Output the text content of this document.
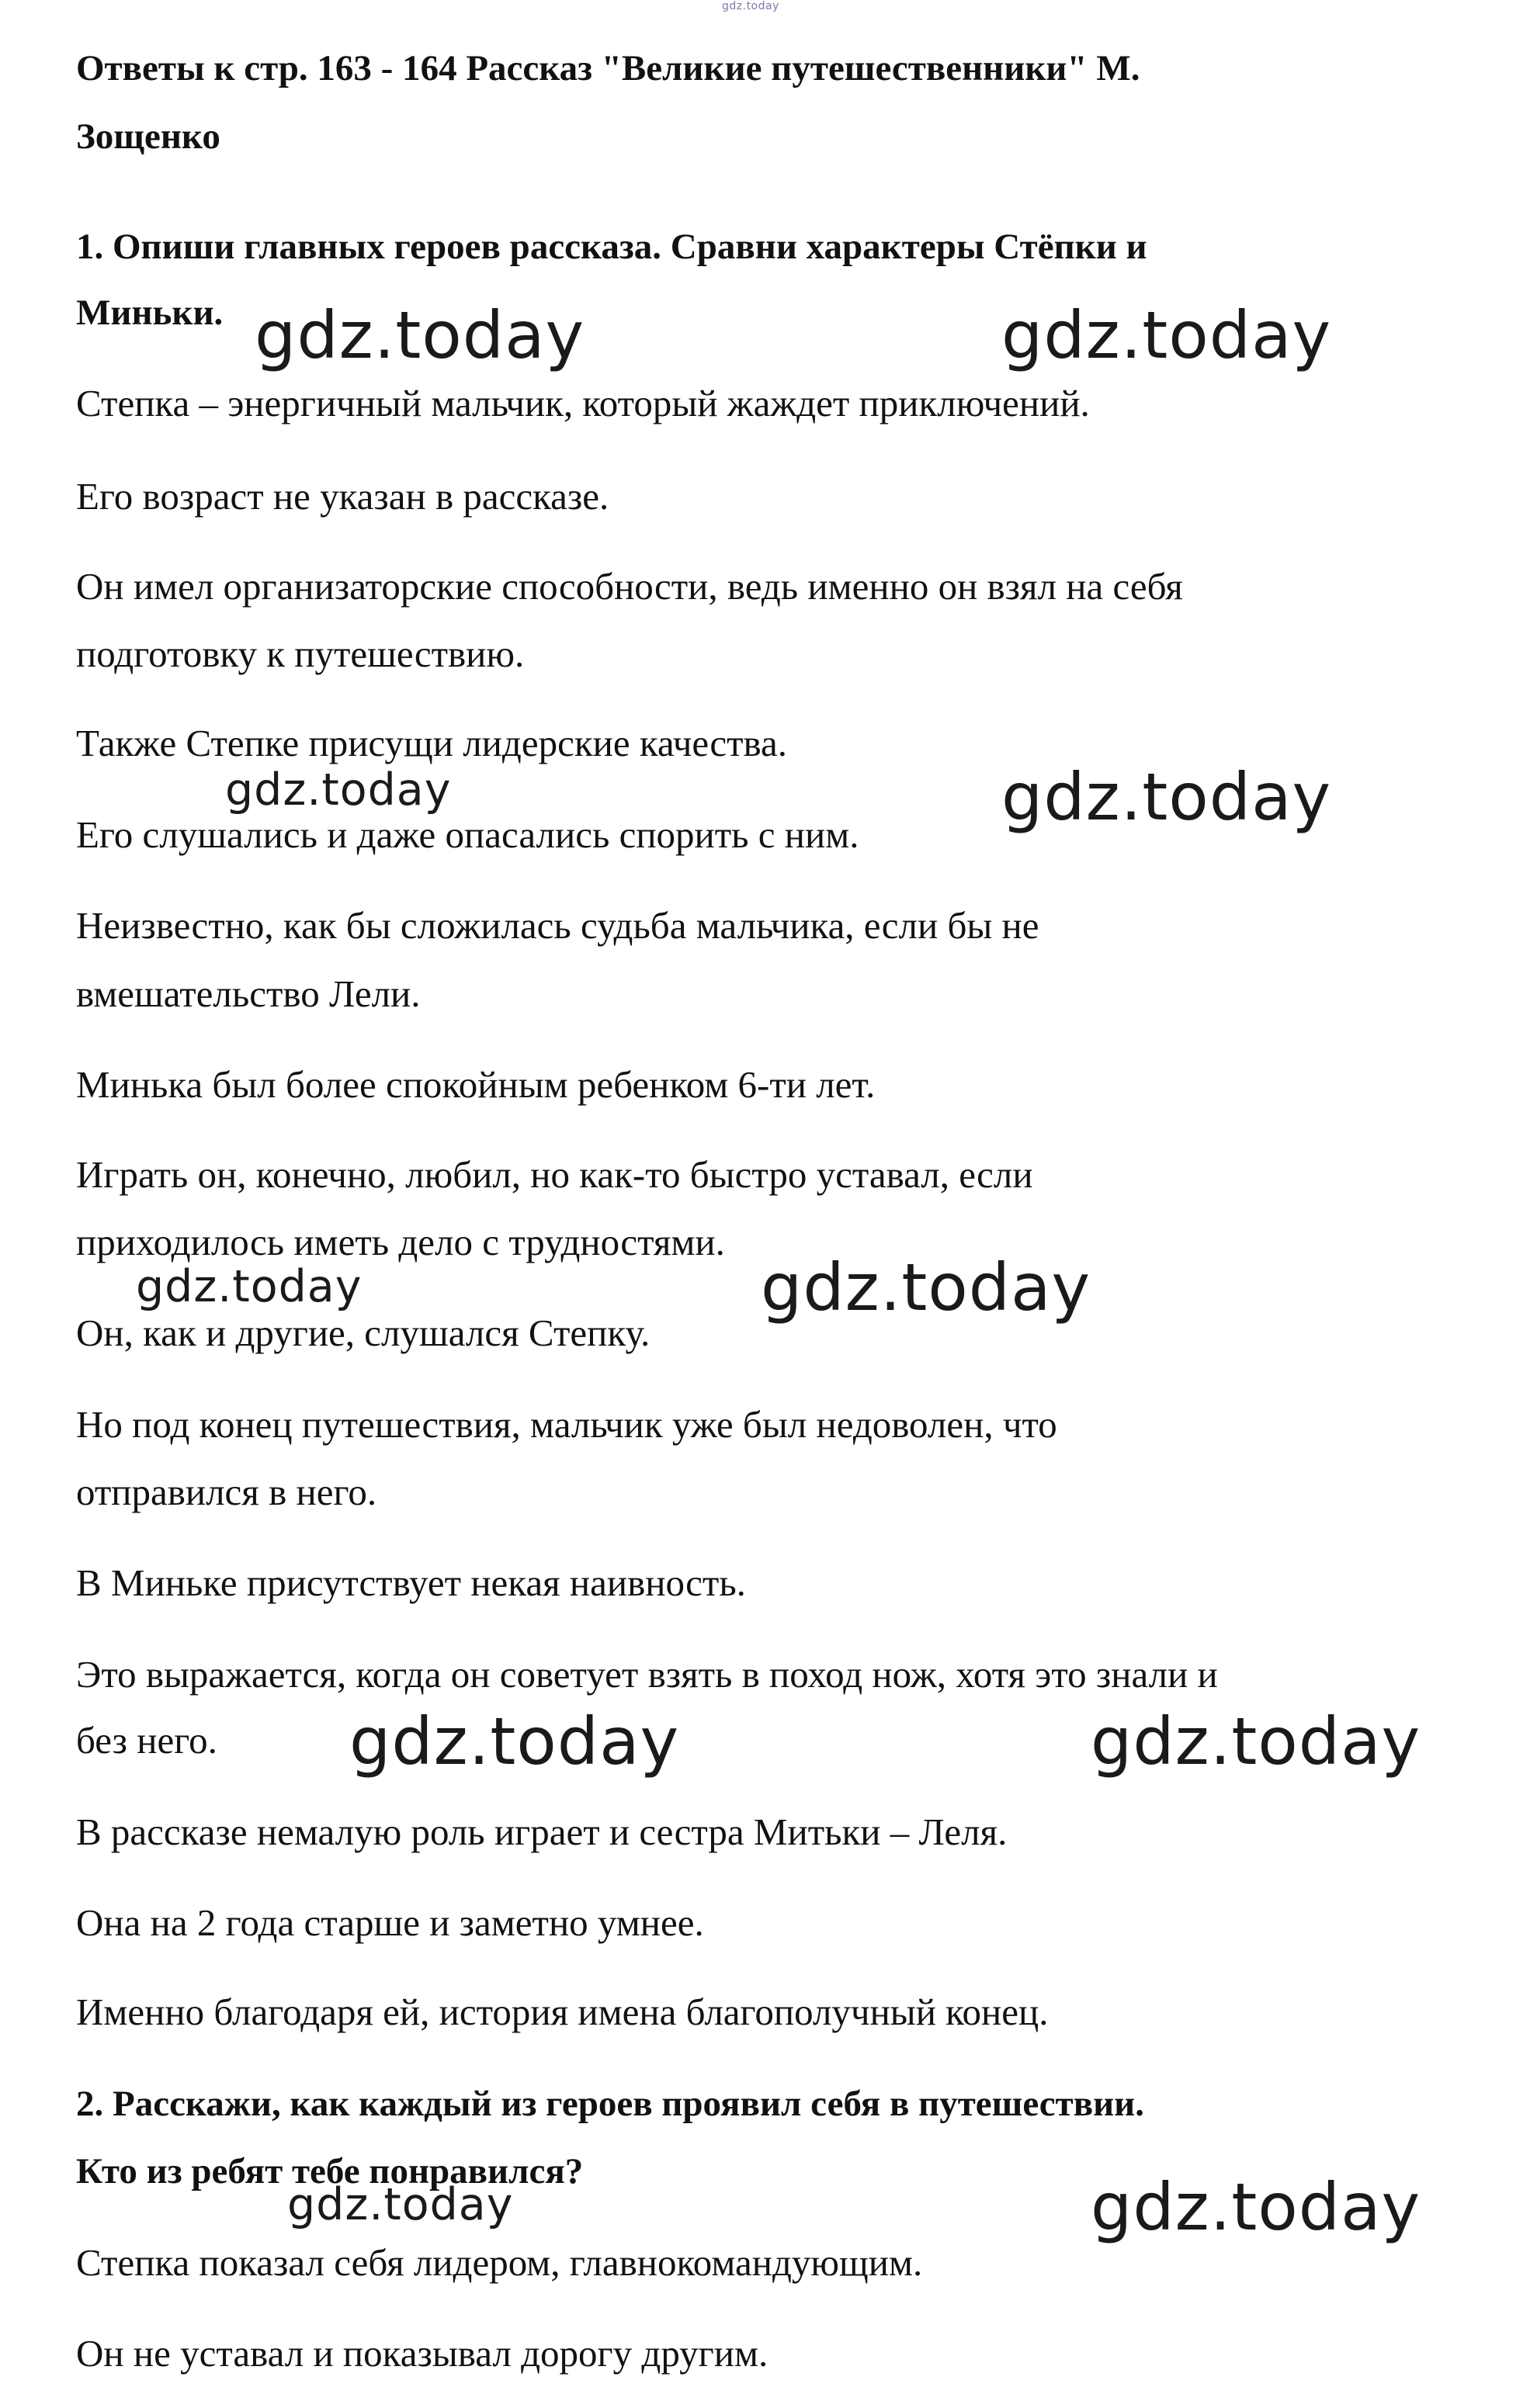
gdz.today
Ответы к стр. 163 - 164 Рассказ "Великие путешественники" М.
Зощенко
1. Опиши главных героев рассказа. Сравни характеры Стёпки и
Миньки.
Степка – энергичный мальчик, который жаждет приключений.
Его возраст не указан в рассказе.
Он имел организаторские способности, ведь именно он взял на себя
подготовку к путешествию.
Также Степке присущи лидерские качества.
Его слушались и даже опасались спорить с ним.
Неизвестно, как бы сложилась судьба мальчика, если бы не
вмешательство Лели.
Минька был более спокойным ребенком 6-ти лет.
Играть он, конечно, любил, но как-то быстро уставал, если
приходилось иметь дело с трудностями.
Он, как и другие, слушался Степку.
Но под конец путешествия, мальчик уже был недоволен, что
отправился в него.
В Миньке присутствует некая наивность.
Это выражается, когда он советует взять в поход нож, хотя это знали и
без него.
В рассказе немалую роль играет и сестра Митьки – Леля.
Она на 2 года старше и заметно умнее.
Именно благодаря ей, история имена благополучный конец.
2. Расскажи, как каждый из героев проявил себя в путешествии.
Кто из ребят тебе понравился?
Степка показал себя лидером, главнокомандующим.
Он не уставал и показывал дорогу другим.
gdz.today	gdz.today
gdz.today	gdz.today
gdz.today	gdz.today
gdz.today	gdz.today
gdz.today	gdz.today
